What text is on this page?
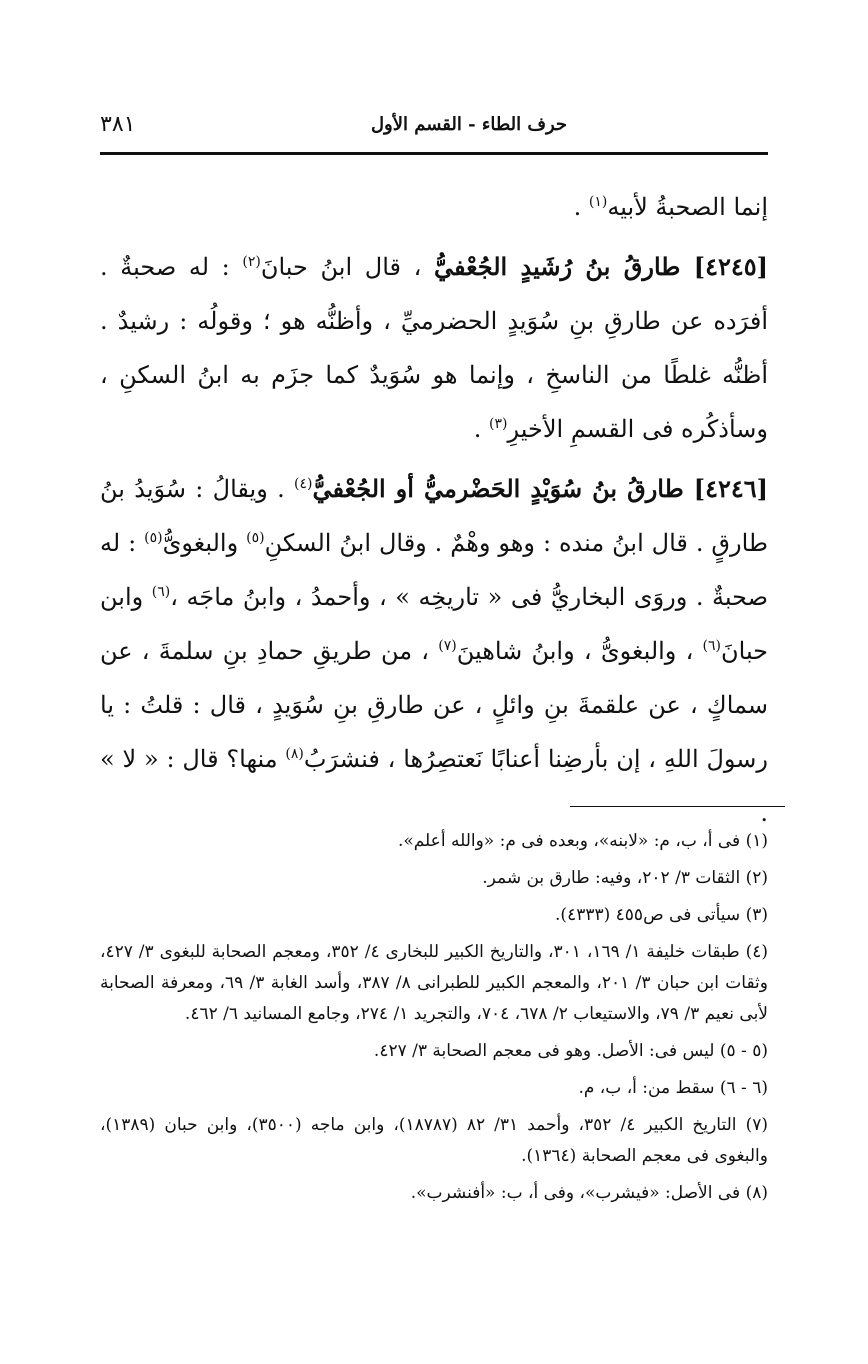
٣٨١	حرف الطاء - القسم الأول

إنما الصحبةُ لأبيه$^{(١)}$ .

[٤٢٤٥] طارقُ بنُ رُشَيدٍ الجُعْفيُّ ، قال ابنُ حبانَ$^{(٢)}$ : له صحبةٌ . أفرَده عن طارقِ بنِ سُوَيدٍ الحضرميِّ ، وأظنُّه هو ؛ وقولُه : رشيدٌ . أظنُّه غلطًا من الناسخِ ، وإنما هو سُوَيدٌ كما جزَم به ابنُ السكنِ ، وسأذكُره فى القسمِ الأخيرِ$^{(٣)}$ .

[٤٢٤٦] طارقُ بنُ سُوَيْدٍ الحَضْرميُّ أو الجُعْفيُّ$^{(٤)}$ . ويقالُ : سُوَيدُ بنُ طارقٍ . قال ابنُ منده : وهو وهْمٌ . وقال ابنُ السكنِ$^{(٥)}$ والبغوىُّ$^{(٥)}$ : له صحبةٌ . وروَى البخاريُّ فى « تاريخِه » ، وأحمدُ ، وابنُ ماجَه ،$^{(٦)}$ وابن حبانَ$^{(٦)}$ ، والبغوىُّ ، وابنُ شاهينَ$^{(٧)}$ ، من طريقِ حمادِ بنِ سلمةَ ، عن سماكٍ ، عن علقمةَ بنِ وائلٍ ، عن طارقِ بنِ سُوَيدٍ ، قال : قلتُ : يا رسولَ اللهِ ، إن بأرضِنا أعنابًا نَعتصِرُها ، فنشرَبُ$^{(٨)}$ منها؟ قال : « لا » .

(١) فى أ، ب، م: «لابنه»، وبعده فى م: «والله أعلم».

(٢) الثقات ٣/ ٢٠٢، وفيه: طارق بن شمر.

(٣) سيأتى فى ص٤٥٥ (٤٣٣٣).

(٤) طبقات خليفة ١/ ١٦٩، ٣٠١، والتاريخ الكبير للبخارى ٤/ ٣٥٢، ومعجم الصحابة للبغوى ٣/ ٤٢٧، وثقات ابن حبان ٣/ ٢٠١، والمعجم الكبير للطبرانى ٨/ ٣٨٧، وأسد الغابة ٣/ ٦٩، ومعرفة الصحابة لأبى نعيم ٣/ ٧٩، والاستيعاب ٢/ ٦٧٨، ٧٠٤، والتجريد ١/ ٢٧٤، وجامع المسانيد ٦/ ٤٦٢.

(٥ - ٥) ليس فى: الأصل. وهو فى معجم الصحابة ٣/ ٤٢٧.

(٦ - ٦) سقط من: أ، ب، م.

(٧) التاريخ الكبير ٤/ ٣٥٢، وأحمد ٣١/ ٨٢ (١٨٧٨٧)، وابن ماجه (٣٥٠٠)، وابن حبان (١٣٨٩)، والبغوى فى معجم الصحابة (١٣٦٤).

(٨) فى الأصل: «فيشرب»، وفى أ، ب: «أفنشرب».
